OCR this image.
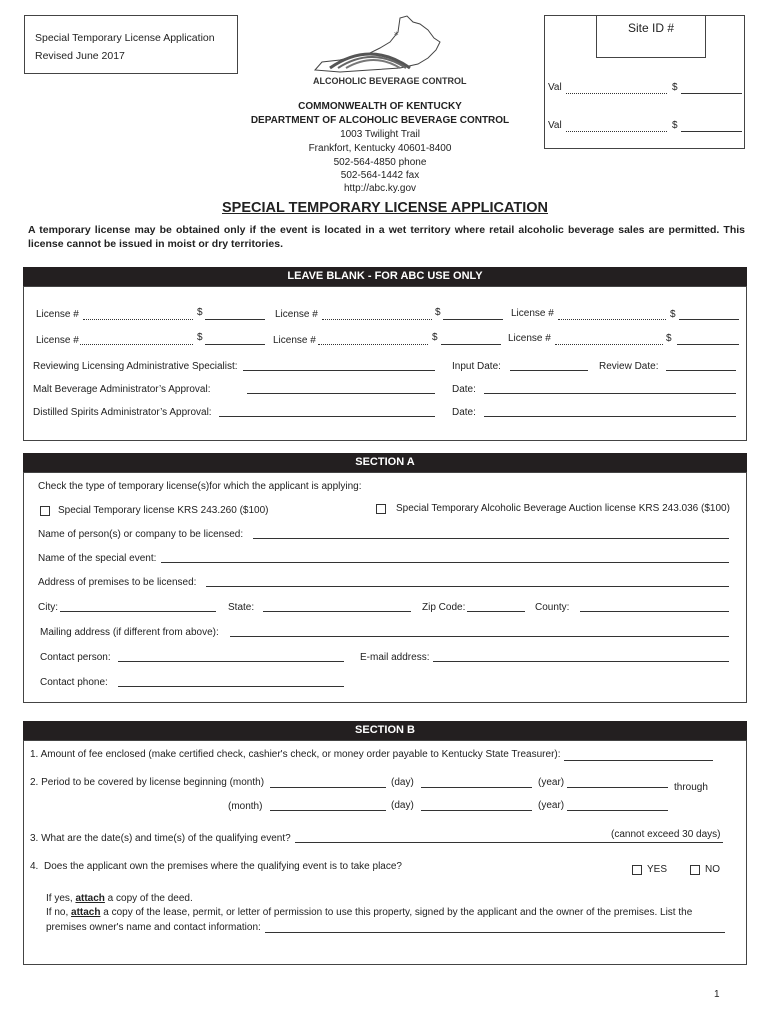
Special Temporary License Application
Revised June 2017
*
ALCOHOLIC BEVERAGE CONTROL
Site ID #
Val	$
Val	$
COMMONWEALTH OF KENTUCKY
DEPARTMENT OF ALCOHOLIC BEVERAGE CONTROL
1003 Twilight Trail
Frankfort, Kentucky 40601-8400
502-564-4850 phone
502-564-1442 fax
http://abc.ky.gov
SPECIAL TEMPORARY LICENSE APPLICATION
A temporary license may be obtained only if the event is located in a wet territory where retail alcoholic beverage sales are permitted. This license cannot be issued in moist or dry territories.
LEAVE BLANK - FOR ABC USE ONLY
License #	$	License #	$	License #	$
License #	$	License #	$	License #	$
Reviewing Licensing Administrative Specialist:	Input Date:	Review Date:
Malt Beverage Administrator’s Approval:	Date:
Distilled Spirits Administrator’s Approval:	Date:
SECTION A
Check the type of temporary license(s)for which the applicant is applying:
Special Temporary license KRS 243.260 ($100)	Special Temporary Alcoholic Beverage Auction license KRS 243.036 ($100)
Name of person(s) or company to be licensed:
Name of the special event:
Address of premises to be licensed:
City:	State:	Zip Code:	County:
Mailing address (if different from above):
Contact person:	E-mail address:
Contact phone:
SECTION B
1. Amount of fee enclosed (make certified check, cashier's check, or money order payable to Kentucky State Treasurer):
2. Period to be covered by license beginning (month)	(day)	(year)	through
(month)	(day)	(year)
3. What are the date(s) and time(s) of the qualifying event?	(cannot exceed 30 days)
4. Does the applicant own the premises where the qualifying event is to take place?	YES	NO
If yes, attach a copy of the deed.
If no, attach a copy of the lease, permit, or letter of permission to use this property, signed by the applicant and the owner of the premises. List the
premises owner's name and contact information:
1
